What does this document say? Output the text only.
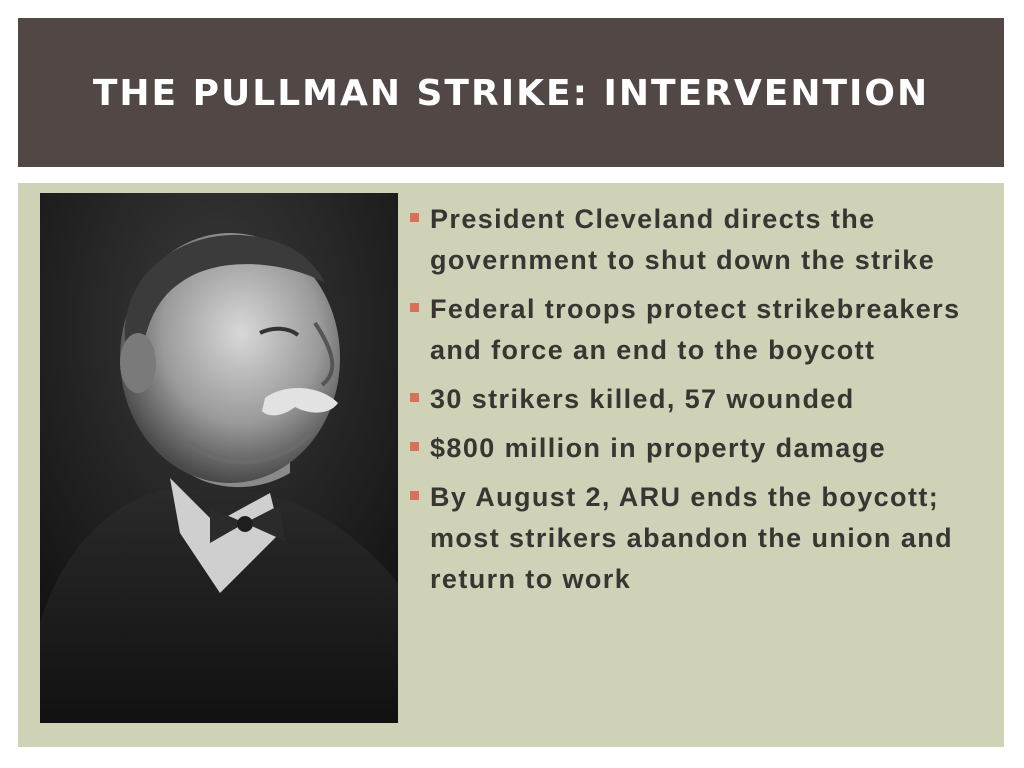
THE PULLMAN STRIKE: INTERVENTION
President Cleveland directs the government to shut down the strike
Federal troops protect strikebreakers and force an end to the boycott
30 strikers killed, 57 wounded
$800 million in property damage
By August 2, ARU ends the boycott; most strikers abandon the union and return to work
